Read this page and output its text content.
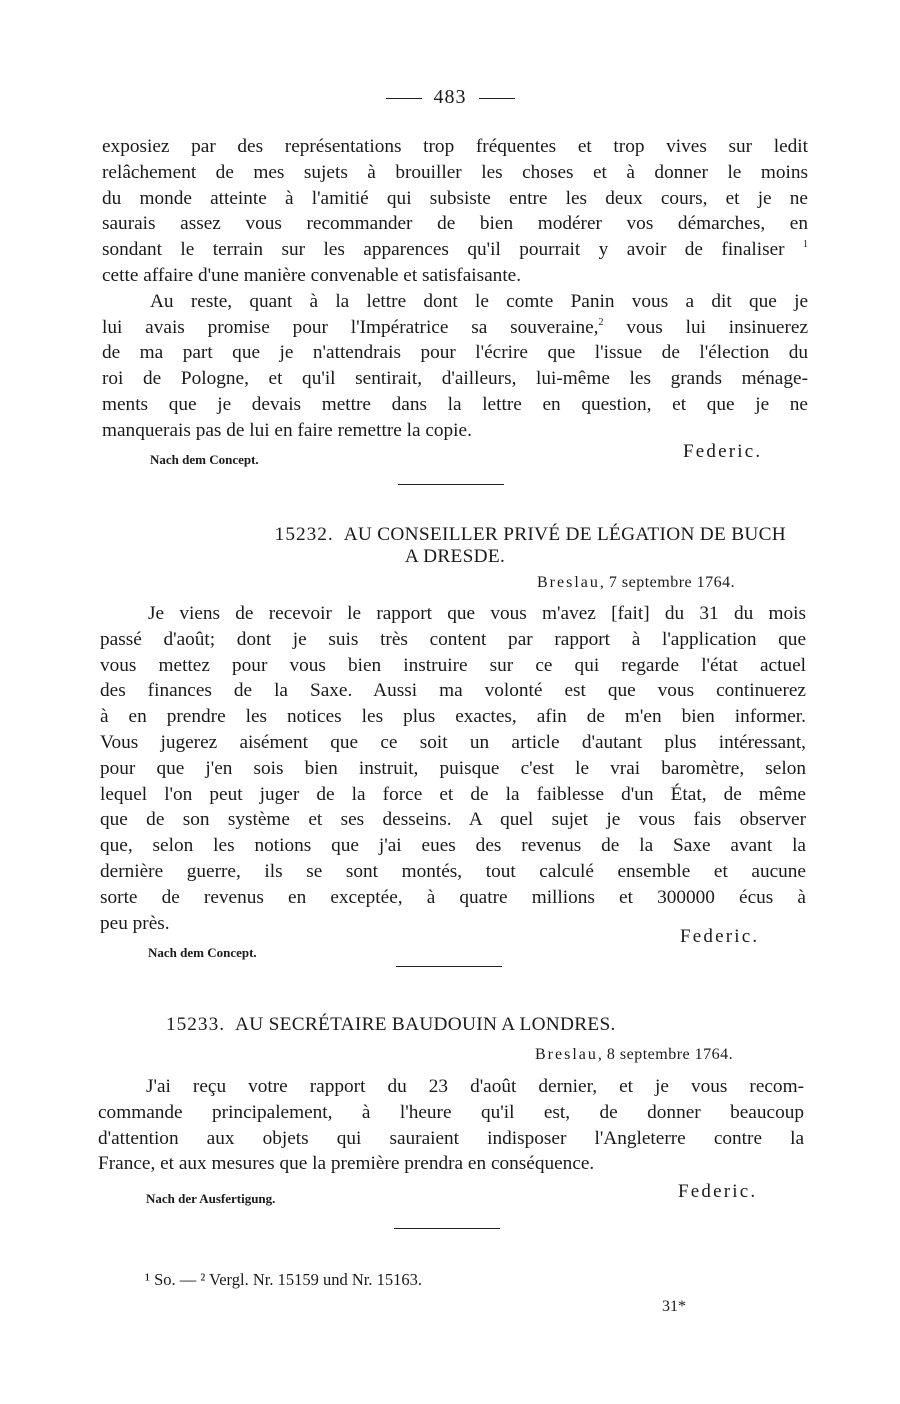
483
exposiez par des représentations trop fréquentes et trop vives sur ledit
relâchement de mes sujets à brouiller les choses et à donner le moins
du monde atteinte à l'amitié qui subsiste entre les deux cours, et je ne
saurais assez vous recommander de bien modérer vos démarches, en
sondant le terrain sur les apparences qu'il pourrait y avoir de finaliser $^1$
cette affaire d'une manière convenable et satisfaisante.
Au reste, quant à la lettre dont le comte Panin vous a dit que je
lui avais promise pour l'Impératrice sa souveraine,$^2$ vous lui insinuerez
de ma part que je n'attendrais pour l'écrire que l'issue de l'élection du
roi de Pologne, et qu'il sentirait, d'ailleurs, lui-même les grands ménage-
ments que je devais mettre dans la lettre en question, et que je ne
manquerais pas de lui en faire remettre la copie.
Nach dem Concept.	Federic.
15232. AU CONSEILLER PRIVÉ DE LÉGATION DE BUCH
A DRESDE.
Breslau, 7 septembre 1764.
Je viens de recevoir le rapport que vous m'avez [fait] du 31 du mois
passé d'août; dont je suis très content par rapport à l'application que
vous mettez pour vous bien instruire sur ce qui regarde l'état actuel
des finances de la Saxe. Aussi ma volonté est que vous continuerez
à en prendre les notices les plus exactes, afin de m'en bien informer.
Vous jugerez aisément que ce soit un article d'autant plus intéressant,
pour que j'en sois bien instruit, puisque c'est le vrai baromètre, selon
lequel l'on peut juger de la force et de la faiblesse d'un État, de même
que de son système et ses desseins. A quel sujet je vous fais observer
que, selon les notions que j'ai eues des revenus de la Saxe avant la
dernière guerre, ils se sont montés, tout calculé ensemble et aucune
sorte de revenus en exceptée, à quatre millions et 300000 écus à
peu près.
Federic.
Nach dem Concept.
15233. AU SECRÉTAIRE BAUDOUIN A LONDRES.
Breslau, 8 septembre 1764.
J'ai reçu votre rapport du 23 d'août dernier, et je vous recom-
commande principalement, à l'heure qu'il est, de donner beaucoup
d'attention aux objets qui sauraient indisposer l'Angleterre contre la
France, et aux mesures que la première prendra en conséquence.
Nach der Ausfertigung.	Federic.
¹ So. — ² Vergl. Nr. 15159 und Nr. 15163.
31*
